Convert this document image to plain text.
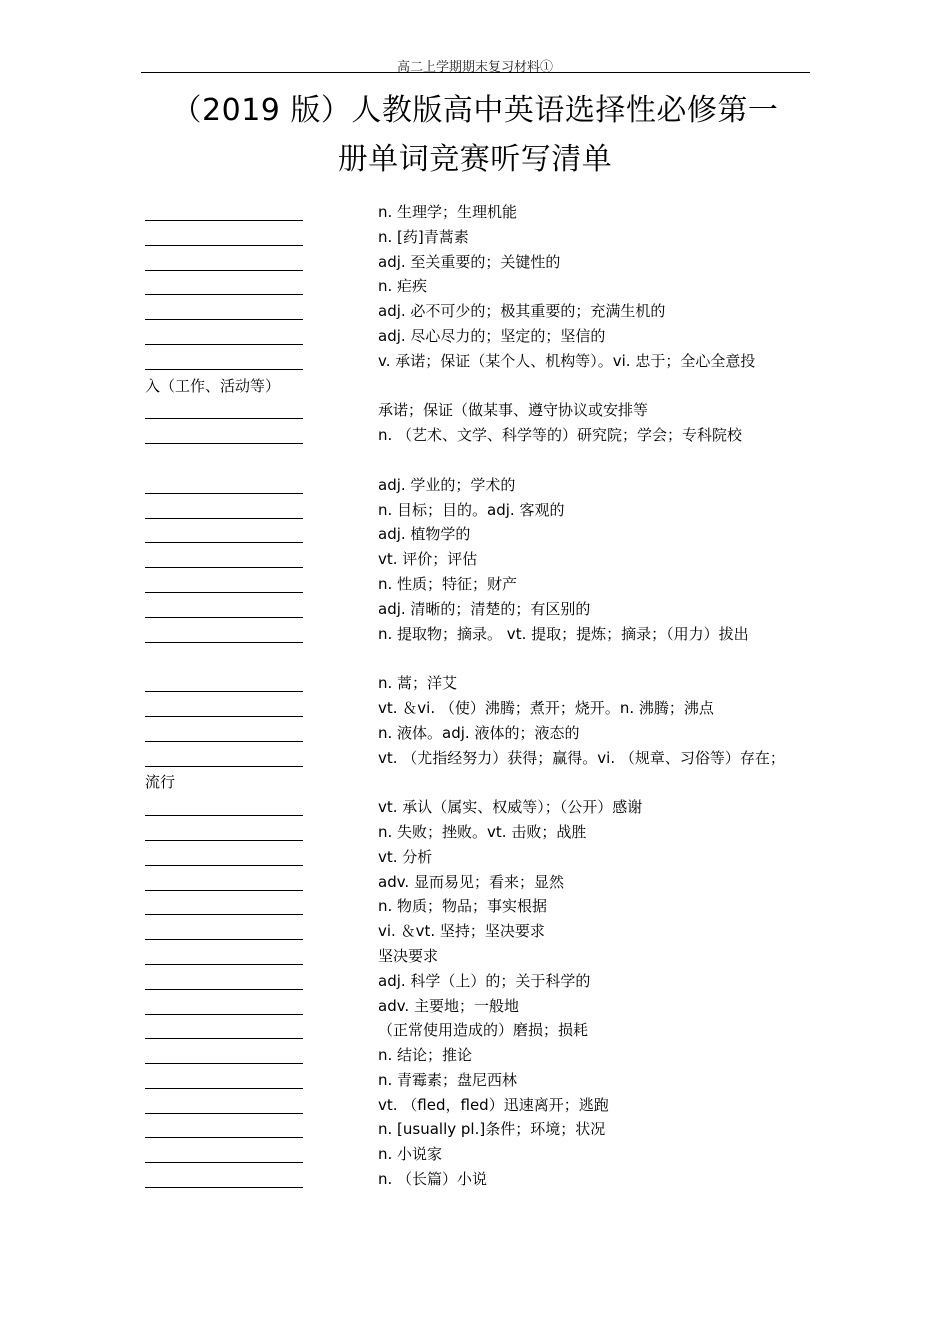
高二上学期期末复习材料①
（2019 版）人教版高中英语选择性必修第一
册单词竞赛听写清单
n. 生理学；生理机能
n. [药]青蒿素
adj. 至关重要的；关键性的
n. 疟疾
adj. 必不可少的；极其重要的；充满生机的
adj. 尽心尽力的；坚定的；坚信的
v. 承诺；保证（某个人、机构等）。vi. 忠于；全心全意投
入（工作、活动等）
承诺；保证（做某事、遵守协议或安排等
n. （艺术、文学、科学等的）研究院；学会；专科院校
adj. 学业的；学术的
n. 目标；目的。adj. 客观的
adj. 植物学的
vt. 评价；评估
n. 性质；特征；财产
adj. 清晰的；清楚的；有区别的
n. 提取物；摘录。 vt. 提取；提炼；摘录；（用力）拔出
n. 蒿；洋艾
vt. ＆vi. （使）沸腾；煮开；烧开。n. 沸腾；沸点
n. 液体。adj. 液体的；液态的
vt. （尤指经努力）获得；赢得。vi. （规章、习俗等）存在；
流行
vt. 承认（属实、权威等）；（公开）感谢
n. 失败；挫败。vt. 击败；战胜
vt. 分析
adv. 显而易见；看来；显然
n. 物质；物品；事实根据
vi. ＆vt. 坚持；坚决要求
坚决要求
adj. 科学（上）的；关于科学的
adv. 主要地；一般地
（正常使用造成的）磨损；损耗
n. 结论；推论
n. 青霉素；盘尼西林
vt. （fled，fled）迅速离开；逃跑
n. [usually pl.]条件；环境；状况
n. 小说家
n. （长篇）小说
